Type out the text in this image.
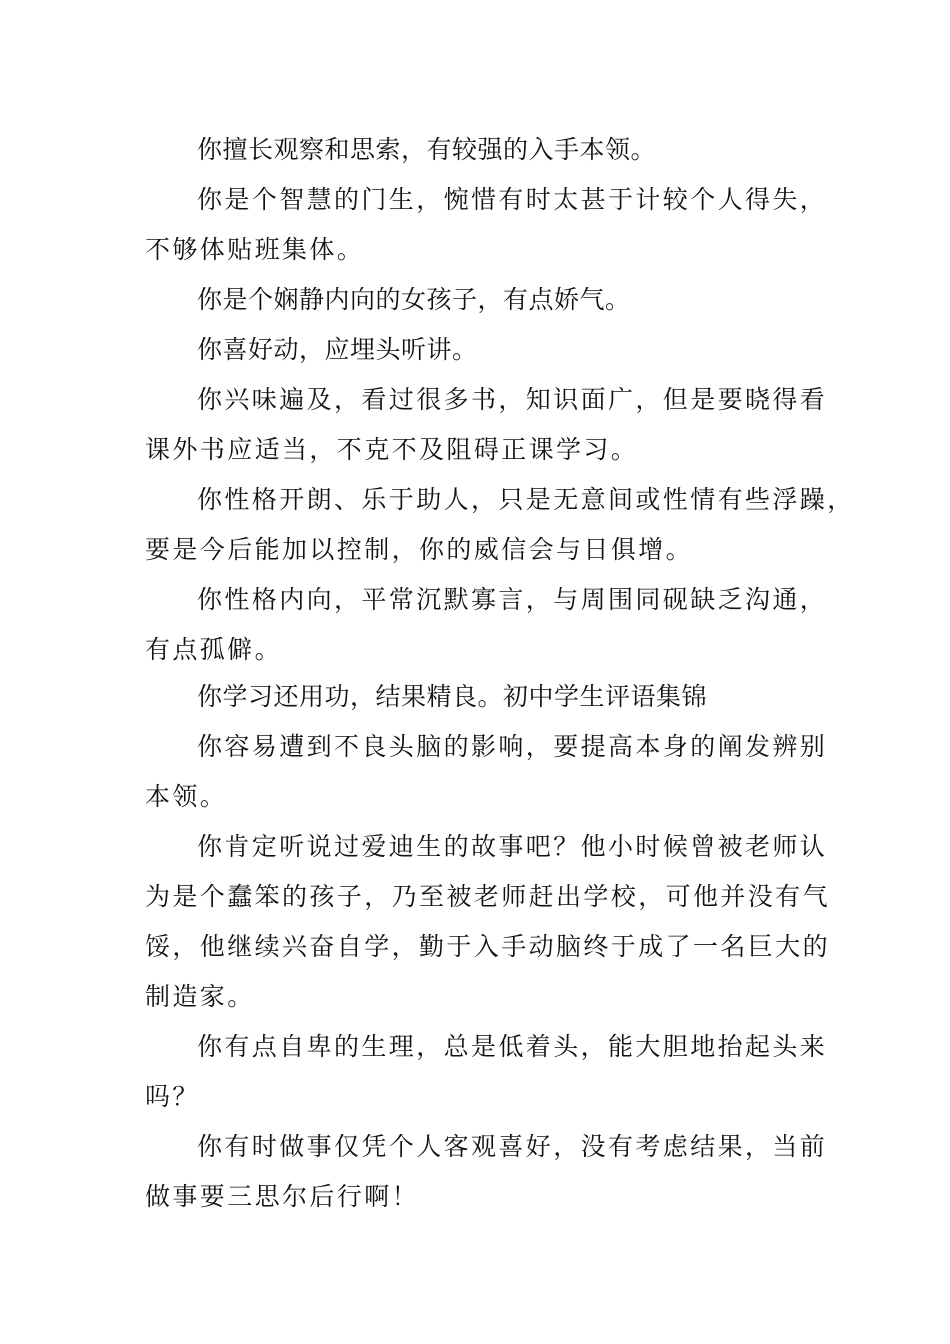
你擅长观察和思索，有较强的入手本领。
你是个智慧的门生，惋惜有时太甚于计较个人得失，
不够体贴班集体。
你是个娴静内向的女孩子，有点娇气。
你喜好动，应埋头听讲。
你兴味遍及，看过很多书，知识面广，但是要晓得看
课外书应适当，不克不及阻碍正课学习。
你性格开朗、乐于助人，只是无意间或性情有些浮躁，
要是今后能加以控制，你的威信会与日俱增。
你性格内向，平常沉默寡言，与周围同砚缺乏沟通，
有点孤僻。
你学习还用功，结果精良。初中学生评语集锦
你容易遭到不良头脑的影响，要提高本身的阐发辨别
本领。
你肯定听说过爱迪生的故事吧？他小时候曾被老师认
为是个蠢笨的孩子，乃至被老师赶出学校，可他并没有气
馁，他继续兴奋自学，勤于入手动脑终于成了一名巨大的
制造家。
你有点自卑的生理，总是低着头，能大胆地抬起头来
吗？
你有时做事仅凭个人客观喜好，没有考虑结果，当前
做事要三思尔后行啊！
